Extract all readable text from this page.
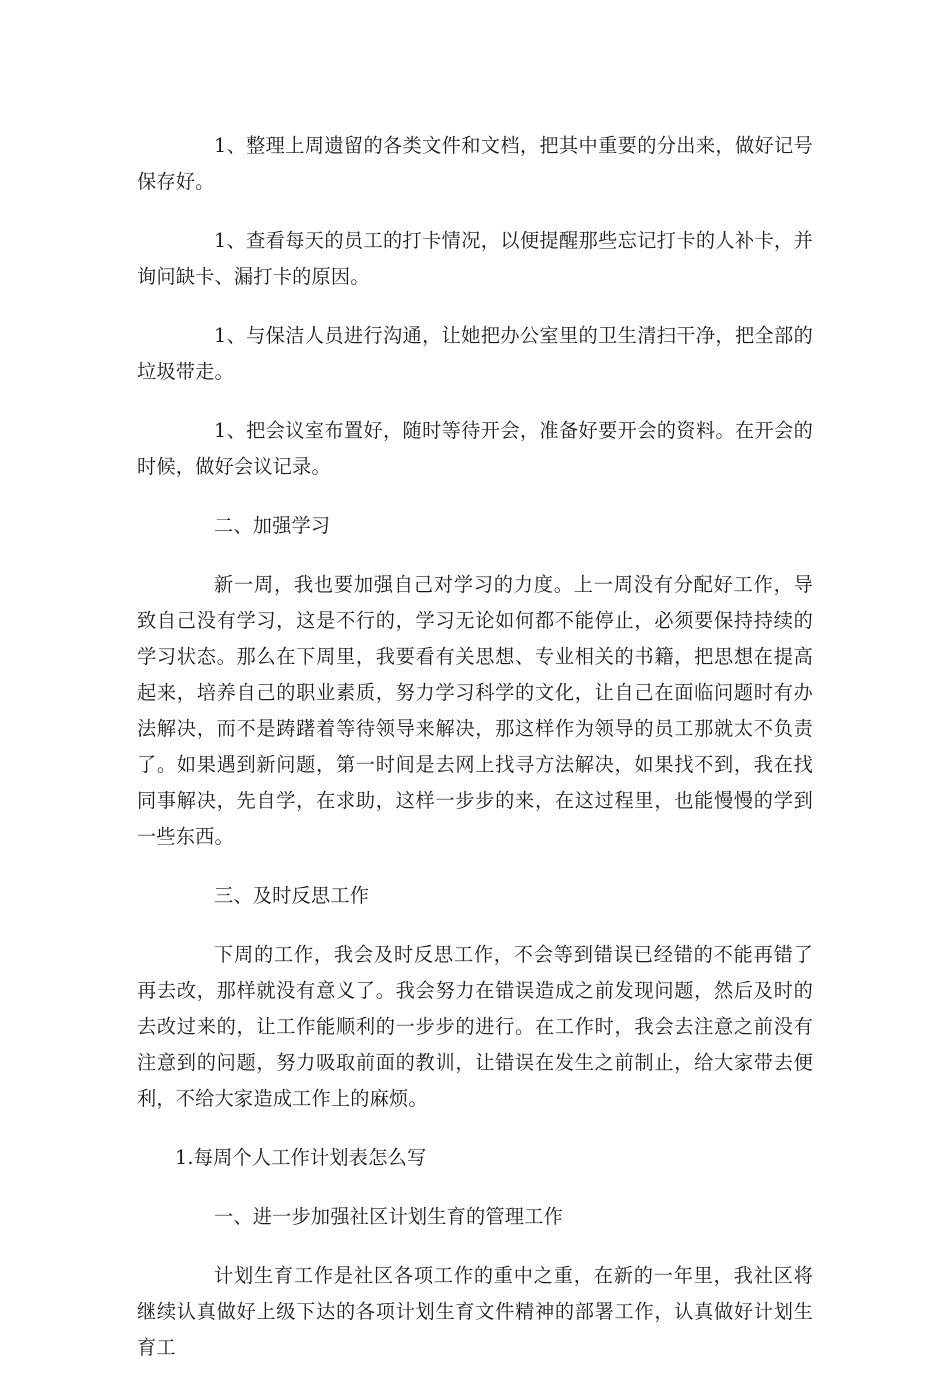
1、整理上周遗留的各类文件和文档，把其中重要的分出来，做好记号保存好。

1、查看每天的员工的打卡情况，以便提醒那些忘记打卡的人补卡，并询问缺卡、漏打卡的原因。

1、与保洁人员进行沟通，让她把办公室里的卫生清扫干净，把全部的垃圾带走。

1、把会议室布置好，随时等待开会，准备好要开会的资料。在开会的时候，做好会议记录。

二、加强学习

新一周，我也要加强自己对学习的力度。上一周没有分配好工作，导致自己没有学习，这是不行的，学习无论如何都不能停止，必须要保持持续的学习状态。那么在下周里，我要看有关思想、专业相关的书籍，把思想在提高起来，培养自己的职业素质，努力学习科学的文化，让自己在面临问题时有办法解决，而不是踌躇着等待领导来解决，那这样作为领导的员工那就太不负责了。如果遇到新问题，第一时间是去网上找寻方法解决，如果找不到，我在找同事解决，先自学，在求助，这样一步步的来，在这过程里，也能慢慢的学到一些东西。

三、及时反思工作

下周的工作，我会及时反思工作，不会等到错误已经错的不能再错了再去改，那样就没有意义了。我会努力在错误造成之前发现问题，然后及时的去改过来的，让工作能顺利的一步步的进行。在工作时，我会去注意之前没有注意到的问题，努力吸取前面的教训，让错误在发生之前制止，给大家带去便利，不给大家造成工作上的麻烦。

1.每周个人工作计划表怎么写

一、进一步加强社区计划生育的管理工作

计划生育工作是社区各项工作的重中之重，在新的一年里，我社区将继续认真做好上级下达的各项计划生育文件精神的部署工作，认真做好计划生育工
